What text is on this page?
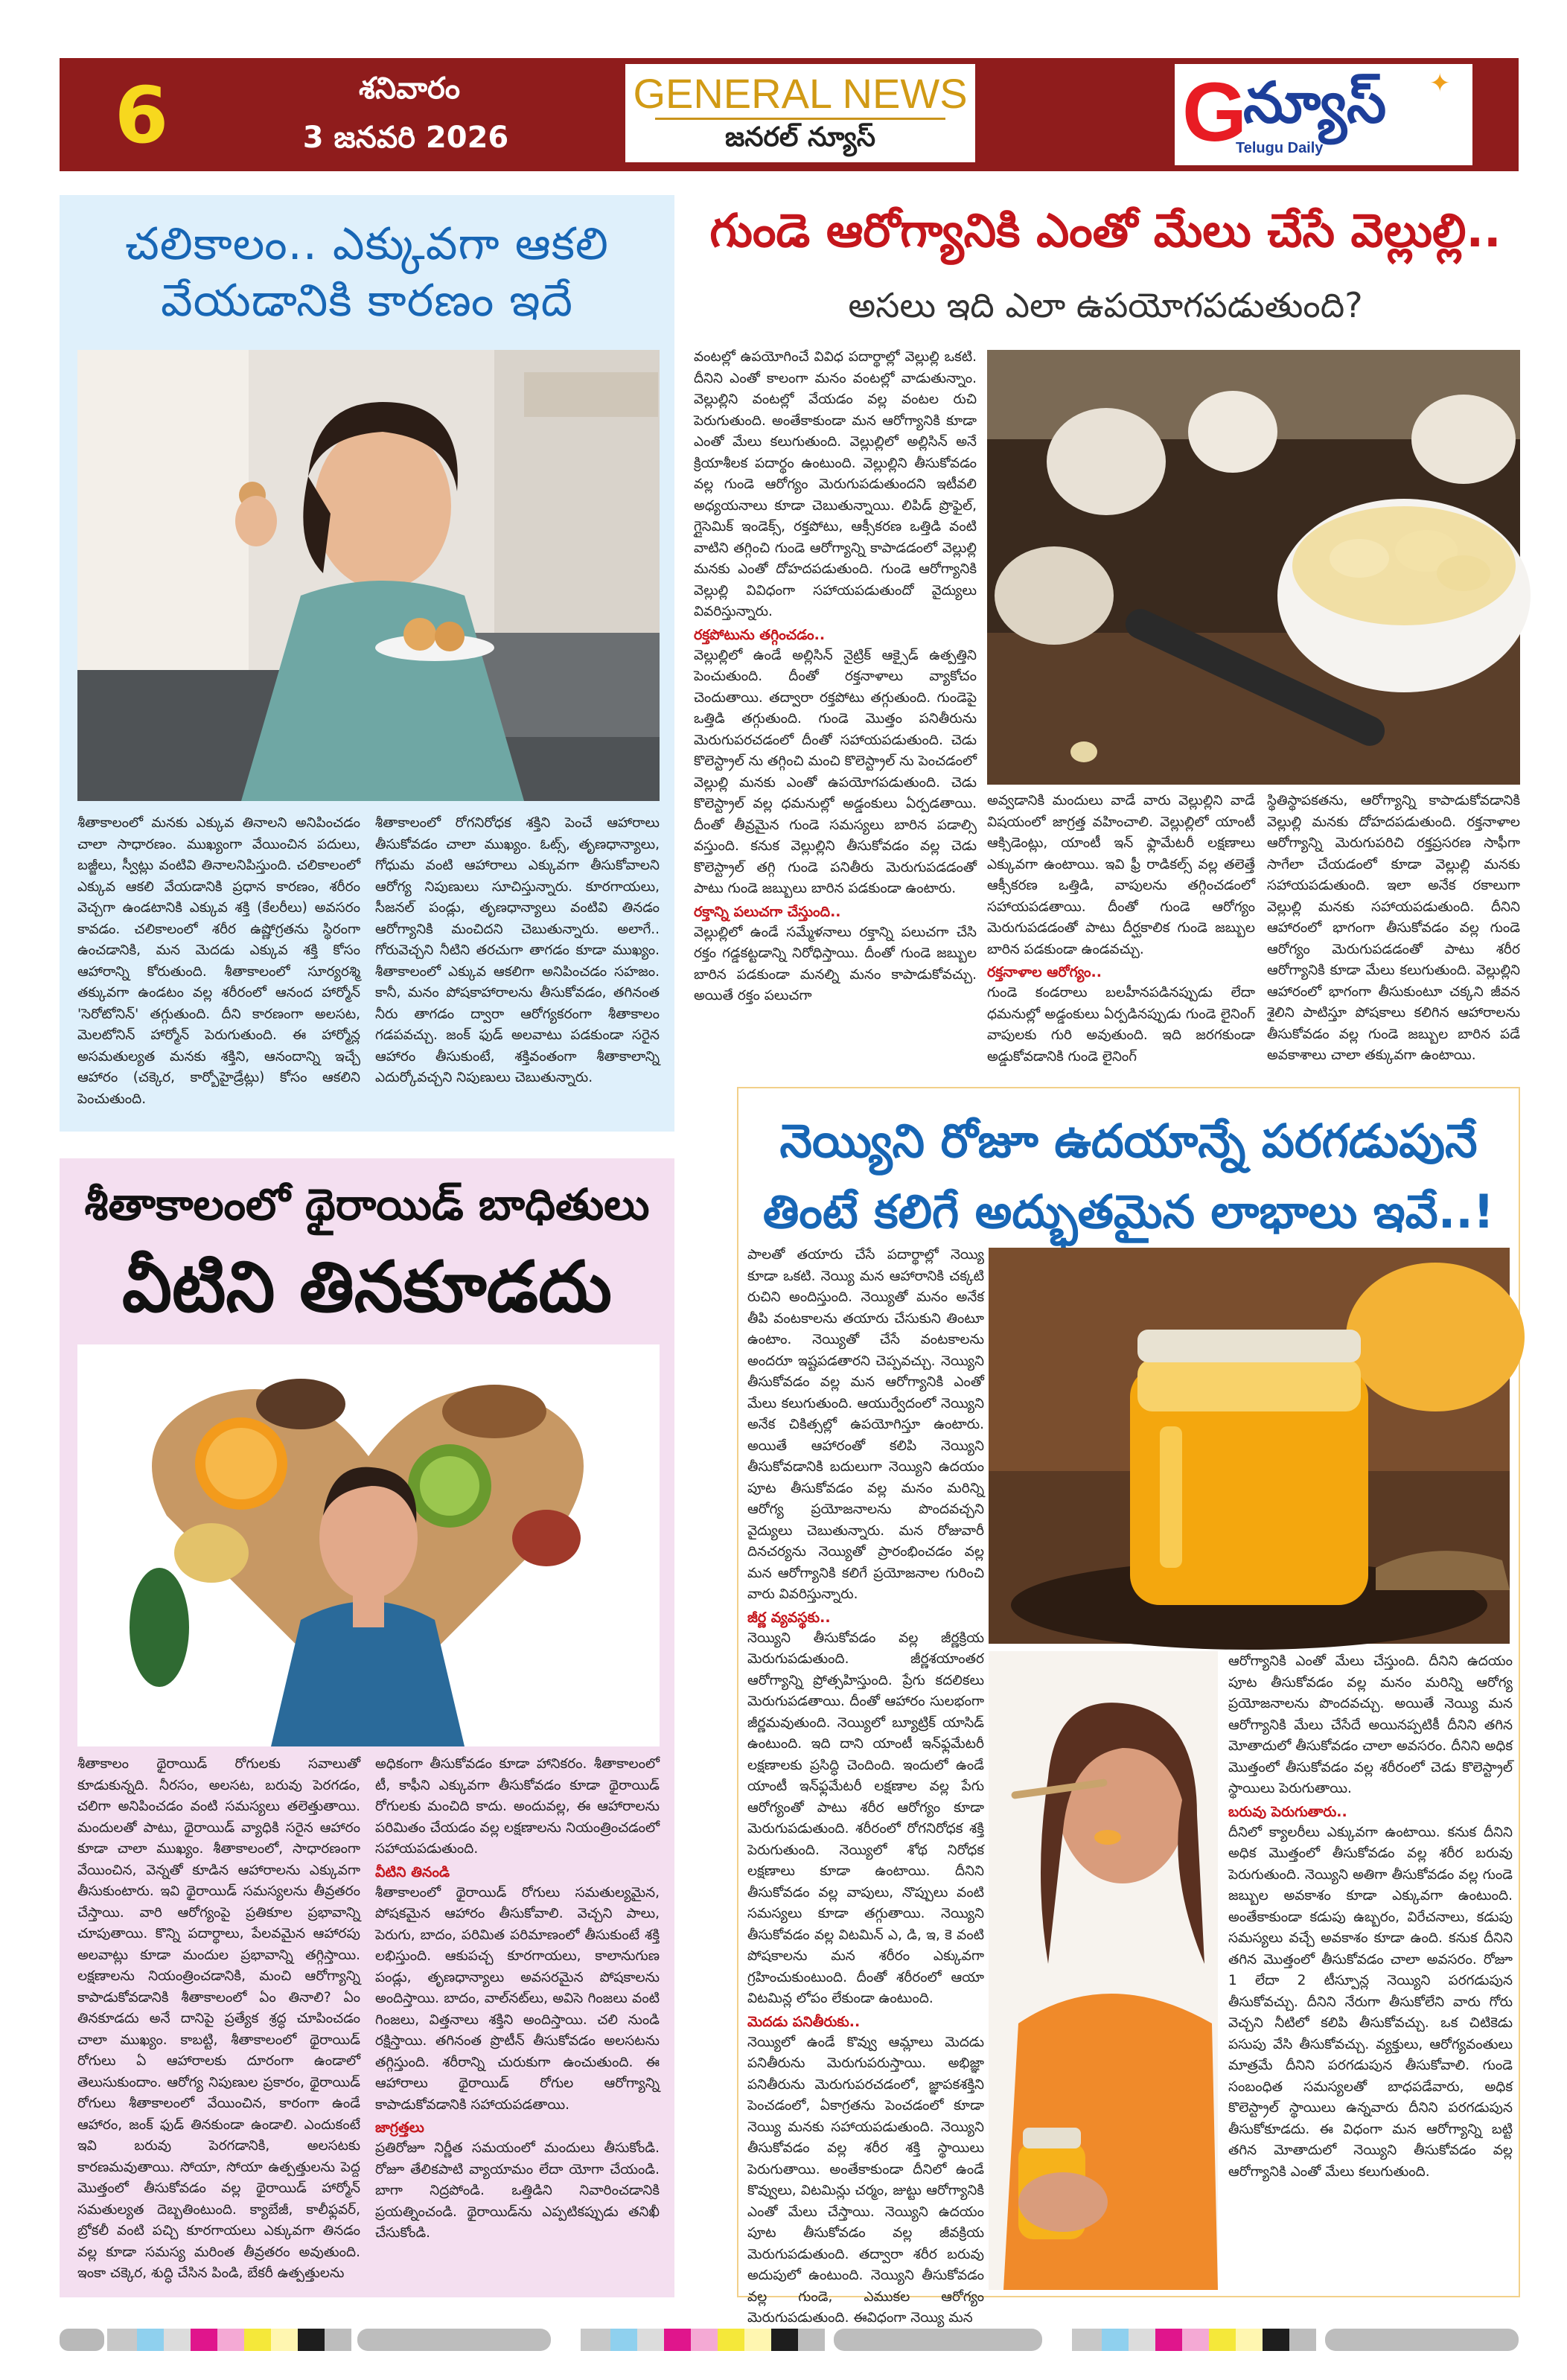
6	శనివారం
3 జనవరి 2026
GENERAL NEWS
జనరల్ న్యూస్	G
న్యూస్
Telugu Daily
✦
చలికాలం.. ఎక్కువగా ఆకలి వేయడానికి కారణం ఇదే

శీతాకాలంలో మనకు ఎక్కువ తినాలని అనిపించడం చాలా సాధారణం. ముఖ్యంగా వేయించిన పదులు, బజ్జీలు, స్వీట్లు వంటివి తినాలనిపిస్తుంది. చలికాలంలో ఎక్కువ ఆకలి వేయడానికి ప్రధాన కారణం, శరీరం వెచ్చగా ఉండటానికి ఎక్కువ శక్తి (కేలరీలు) అవసరం కావడం. చలికాలంలో శరీర ఉష్ణోగ్రతను స్థిరంగా ఉంచడానికి, మన మెదడు ఎక్కువ శక్తి కోసం ఆహారాన్ని కోరుతుంది. శీతాకాలంలో సూర్యరశ్మి తక్కువగా ఉండటం వల్ల శరీరంలో ఆనంద హార్మోన్ 'సెరోటోనిన్' తగ్గుతుంది. దీని కారణంగా అలసట, మెలటోనిన్ హార్మోన్ పెరుగుతుంది. ఈ హార్మోన్ల అసమతుల్యత మనకు శక్తిని, ఆనందాన్ని ఇచ్చే ఆహారం (చక్కెర, కార్బోహైడ్రేట్లు) కోసం ఆకలిని పెంచుతుంది.

శీతాకాలంలో రోగనిరోధక శక్తిని పెంచే ఆహారాలు తీసుకోవడం చాలా ముఖ్యం. ఓట్స్, తృణధాన్యాలు, గోధుమ వంటి ఆహారాలు ఎక్కువగా తీసుకోవాలని ఆరోగ్య నిపుణులు సూచిస్తున్నారు. కూరగాయలు, సీజనల్ పండ్లు, తృణధాన్యాలు వంటివి తినడం ఆరోగ్యానికి మంచిదని చెబుతున్నారు. అలాగే.. గోరువెచ్చని నీటిని తరచుగా తాగడం కూడా ముఖ్యం. శీతాకాలంలో ఎక్కువ ఆకలిగా అనిపించడం సహజం. కానీ, మనం పోషకాహారాలను తీసుకోవడం, తగినంత నీరు తాగడం ద్వారా ఆరోగ్యకరంగా శీతాకాలం గడపవచ్చు. జంక్ ఫుడ్ అలవాటు పడకుండా సరైన ఆహారం తీసుకుంటే, శక్తివంతంగా శీతాకాలాన్ని ఎదుర్కోవచ్చని నిపుణులు చెబుతున్నారు.

గుండె ఆరోగ్యానికి ఎంతో మేలు చేసే వెల్లుల్లి..
అసలు ఇది ఎలా ఉపయోగపడుతుంది?

వంటల్లో ఉపయోగించే వివిధ పదార్థాల్లో వెల్లుల్లి ఒకటి. దీనిని ఎంతో కాలంగా మనం వంటల్లో వాడుతున్నాం. వెల్లుల్లిని వంటల్లో వేయడం వల్ల వంటల రుచి పెరుగుతుంది. అంతేకాకుండా మన ఆరోగ్యానికి కూడా ఎంతో మేలు కలుగుతుంది. వెల్లుల్లిలో అల్లిసిన్ అనే క్రియాశీలక పదార్థం ఉంటుంది. వెల్లుల్లిని తీసుకోవడం వల్ల గుండె ఆరోగ్యం మెరుగుపడుతుందని ఇటీవలి అధ్యయనాలు కూడా చెబుతున్నాయి. లిపిడ్ ప్రొఫైల్, గ్లైసెమిక్ ఇండెక్స్, రక్తపోటు, ఆక్సీకరణ ఒత్తిడి వంటి వాటిని తగ్గించి గుండె ఆరోగ్యాన్ని కాపాడడంలో వెల్లుల్లి మనకు ఎంతో దోహదపడుతుంది. గుండె ఆరోగ్యానికి వెల్లుల్లి వివిధంగా సహాయపడుతుందో వైద్యులు వివరిస్తున్నారు.

రక్తపోటును తగ్గించడం..

వెల్లుల్లిలో ఉండే అల్లిసిన్ నైట్రిక్ ఆక్సైడ్ ఉత్పత్తిని పెంచుతుంది. దీంతో రక్తనాళాలు వ్యాకోచం చెందుతాయి. తద్వారా రక్తపోటు తగ్గుతుంది. గుండెపై ఒత్తిడి తగ్గుతుంది. గుండె మొత్తం పనితీరును మెరుగుపరచడంలో దీంతో సహాయపడుతుంది. చెడు కొలెస్ట్రాల్ ను తగ్గించి మంచి కొలెస్ట్రాల్ ను పెంచడంలో వెల్లుల్లి మనకు ఎంతో ఉపయోగపడుతుంది. చెడు కొలెస్ట్రాల్ వల్ల ధమనుల్లో అడ్డంకులు ఏర్పడతాయి. దీంతో తీవ్రమైన గుండె సమస్యలు బారిన పడాల్సి వస్తుంది. కనుక వెల్లుల్లిని తీసుకోవడం వల్ల చెడు కొలెస్ట్రాల్ తగ్గి గుండె పనితీరు మెరుగుపడడంతో పాటు గుండె జబ్బులు బారిన పడకుండా ఉంటారు.

రక్తాన్ని పలుచగా చేస్తుంది..

వెల్లుల్లిలో ఉండే సమ్మేళనాలు రక్తాన్ని పలుచగా చేసి రక్తం గడ్డకట్టడాన్ని నిరోధిస్తాయి. దీంతో గుండె జబ్బుల బారిన పడకుండా మనల్ని మనం కాపాడుకోవచ్చు. అయితే రక్తం పలుచగా

అవ్వడానికి మందులు వాడే వారు వెల్లుల్లిని వాడే విషయంలో జాగ్రత్త వహించాలి. వెల్లుల్లిలో యాంటీ ఆక్సిడెంట్లు, యాంటీ ఇన్ ఫ్లామేటరీ లక్షణాలు ఎక్కువగా ఉంటాయి. ఇవి ఫ్రీ రాడికల్స్ వల్ల తలెత్తే ఆక్సీకరణ ఒత్తిడి, వాపులను తగ్గించడంలో సహాయపడతాయి. దీంతో గుండె ఆరోగ్యం మెరుగుపడడంతో పాటు దీర్ఘకాలిక గుండె జబ్బుల బారిన పడకుండా ఉండవచ్చు.

రక్తనాళాల ఆరోగ్యం..

గుండె కండరాలు బలహీనపడినప్పుడు లేదా ధమనుల్లో అడ్డంకులు ఏర్పడినప్పుడు గుండె లైనింగ్ వాపులకు గురి అవుతుంది. ఇది జరగకుండా అడ్డుకోవడానికి గుండె లైనింగ్

స్థితిస్థాపకతను, ఆరోగ్యాన్ని కాపాడుకోవడానికి వెల్లుల్లి మనకు దోహదపడుతుంది. రక్తనాళాల ఆరోగ్యాన్ని మెరుగుపరిచి రక్తప్రసరణ సాఫీగా సాగేలా చేయడంలో కూడా వెల్లుల్లి మనకు సహాయపడుతుంది. ఇలా అనేక రకాలుగా వెల్లుల్లి మనకు సహాయపడుతుంది. దీనిని ఆహారంలో భాగంగా తీసుకోవడం వల్ల గుండె ఆరోగ్యం మెరుగుపడడంతో పాటు శరీర ఆరోగ్యానికి కూడా మేలు కలుగుతుంది. వెల్లుల్లిని ఆహారంలో భాగంగా తీసుకుంటూ చక్కని జీవన శైలిని పాటిస్తూ పోషకాలు కలిగిన ఆహారాలను తీసుకోవడం వల్ల గుండె జబ్బుల బారిన పడే అవకాశాలు చాలా తక్కువగా ఉంటాయి.

శీతాకాలంలో థైరాయిడ్ బాధితులు
వీటిని తినకూడదు

శీతాకాలం థైరాయిడ్ రోగులకు సవాలుతో కూడుకున్నది. నీరసం, అలసట, బరువు పెరగడం, చలిగా అనిపించడం వంటి సమస్యలు తలెత్తుతాయి. మందులతో పాటు, థైరాయిడ్ వ్యాధికి సరైన ఆహారం కూడా చాలా ముఖ్యం. శీతాకాలంలో, సాధారణంగా వేయించిన, వెన్నతో కూడిన ఆహారాలను ఎక్కువగా తీసుకుంటారు. ఇవి థైరాయిడ్ సమస్యలను తీవ్రతరం చేస్తాయి. వారి ఆరోగ్యంపై ప్రతికూల ప్రభావాన్ని చూపుతాయి. కొన్ని పదార్థాలు, పేలవమైన ఆహారపు అలవాట్లు కూడా మందుల ప్రభావాన్ని తగ్గిస్తాయి. లక్షణాలను నియంత్రించడానికి, మంచి ఆరోగ్యాన్ని కాపాడుకోవడానికి శీతాకాలంలో ఏం తినాలి? ఏం తినకూడదు అనే దానిపై ప్రత్యేక శ్రద్ధ చూపించడం చాలా ముఖ్యం. కాబట్టి, శీతాకాలంలో థైరాయిడ్ రోగులు ఏ ఆహారాలకు దూరంగా ఉండాలో తెలుసుకుందాం. ఆరోగ్య నిపుణుల ప్రకారం, థైరాయిడ్ రోగులు శీతాకాలంలో వేయించిన, కారంగా ఉండే ఆహారం, జంక్ ఫుడ్ తినకుండా ఉండాలి. ఎందుకంటే ఇవి బరువు పెరగడానికి, అలసటకు కారణమవుతాయి. సోయా, సోయా ఉత్పత్తులను పెద్ద మొత్తంలో తీసుకోవడం వల్ల థైరాయిడ్ హార్మోన్ సమతుల్యత దెబ్బతింటుంది. క్యాబేజీ, కాలీఫ్లవర్, బ్రోకలీ వంటి పచ్చి కూరగాయలు ఎక్కువగా తినడం వల్ల కూడా సమస్య మరింత తీవ్రతరం అవుతుంది. ఇంకా చక్కెర, శుద్ధి చేసిన పిండి, బేకరీ ఉత్పత్తులను

అధికంగా తీసుకోవడం కూడా హానికరం. శీతాకాలంలో టీ, కాఫీని ఎక్కువగా తీసుకోవడం కూడా థైరాయిడ్ రోగులకు మంచిది కాదు. అందువల్ల, ఈ ఆహారాలను పరిమితం చేయడం వల్ల లక్షణాలను నియంత్రించడంలో సహాయపడుతుంది.

వీటిని తినండి

శీతాకాలంలో థైరాయిడ్ రోగులు సమతుల్యమైన, పోషకమైన ఆహారం తీసుకోవాలి. వెచ్చని పాలు, పెరుగు, బాదం, పరిమిత పరిమాణంలో తీసుకుంటే శక్తి లభిస్తుంది. ఆకుపచ్చ కూరగాయలు, కాలానుగుణ పండ్లు, తృణధాన్యాలు అవసరమైన పోషకాలను అందిస్తాయి. బాదం, వాల్‌నట్‌లు, అవిసె గింజలు వంటి గింజలు, విత్తనాలు శక్తిని అందిస్తాయి. చలి నుండి రక్షిస్తాయి. తగినంత ప్రొటీన్ తీసుకోవడం అలసటను తగ్గిస్తుంది. శరీరాన్ని చురుకుగా ఉంచుతుంది. ఈ ఆహారాలు థైరాయిడ్ రోగుల ఆరోగ్యాన్ని కాపాడుకోవడానికి సహాయపడతాయి.

జాగ్రత్తలు

ప్రతిరోజూ నిర్ణీత సమయంలో మందులు తీసుకోండి. రోజూ తేలికపాటి వ్యాయామం లేదా యోగా చేయండి. బాగా నిద్రపోండి. ఒత్తిడిని నివారించడానికి ప్రయత్నించండి. థైరాయిడ్‌ను ఎప్పటికప్పుడు తనిఖీ చేసుకోండి.

నెయ్యిని రోజూ ఉదయాన్నే పరగడుపునే
తింటే కలిగే అద్భుతమైన లాభాలు ఇవే..!

పాలతో తయారు చేసే పదార్థాల్లో నెయ్యి కూడా ఒకటి. నెయ్యి మన ఆహారానికి చక్కటి రుచిని అందిస్తుంది. నెయ్యితో మనం అనేక తీపి వంటకాలను తయారు చేసుకుని తింటూ ఉంటాం. నెయ్యితో చేసే వంటకాలను అందరూ ఇష్టపడతారని చెప్పవచ్చు. నెయ్యిని తీసుకోవడం వల్ల మన ఆరోగ్యానికి ఎంతో మేలు కలుగుతుంది. ఆయుర్వేదంలో నెయ్యిని అనేక చికిత్సల్లో ఉపయోగిస్తూ ఉంటారు. అయితే ఆహారంతో కలిపి నెయ్యిని తీసుకోవడానికి బదులుగా నెయ్యిని ఉదయం పూట తీసుకోవడం వల్ల మనం మరిన్ని ఆరోగ్య ప్రయోజనాలను పొందవచ్చని వైద్యులు చెబుతున్నారు. మన రోజువారీ దినచర్యను నెయ్యితో ప్రారంభించడం వల్ల మన ఆరోగ్యానికి కలిగే ప్రయోజనాల గురించి వారు వివరిస్తున్నారు.

జీర్ణ వ్యవస్థకు..

నెయ్యిని తీసుకోవడం వల్ల జీర్ణక్రియ మెరుగుపడుతుంది. జీర్ణశయాంతర ఆరోగ్యాన్ని ప్రోత్సహిస్తుంది. ప్రేగు కదలికలు మెరుగుపడతాయి. దీంతో ఆహారం సులభంగా జీర్ణమవుతుంది. నెయ్యిలో బ్యూట్రిక్ యాసిడ్ ఉంటుంది. ఇది దాని యాంటీ ఇన్‌ఫ్లమేటరీ లక్షణాలకు ప్రసిద్ధి చెందింది. ఇందులో ఉండే యాంటీ ఇన్‌ఫ్లమేటరీ లక్షణాల వల్ల పేగు ఆరోగ్యంతో పాటు శరీర ఆరోగ్యం కూడా మెరుగుపడుతుంది. శరీరంలో రోగనిరోధక శక్తి పెరుగుతుంది. నెయ్యిలో శోథ నిరోధక లక్షణాలు కూడా ఉంటాయి. దీనిని తీసుకోవడం వల్ల వాపులు, నొప్పులు వంటి సమస్యలు కూడా తగ్గుతాయి. నెయ్యిని తీసుకోవడం వల్ల విటమిన్ ఎ, డి, ఇ, కె వంటి పోషకాలను మన శరీరం ఎక్కువగా గ్రహించుకుంటుంది. దీంతో శరీరంలో ఆయా విటమిన్ల లోపం లేకుండా ఉంటుంది.

మెదడు పనితీరుకు..

నెయ్యిలో ఉండే కొవ్వు ఆమ్లాలు మెదడు పనితీరును మెరుగుపరుస్తాయి. అభిజ్ఞా పనితీరును మెరుగుపరచడంలో, జ్ఞాపకశక్తిని పెంచడంలో, ఏకాగ్రతను పెంచడంలో కూడా నెయ్యి మనకు సహాయపడుతుంది. నెయ్యిని తీసుకోవడం వల్ల శరీర శక్తి స్థాయిలు పెరుగుతాయి. అంతేకాకుండా దీనిలో ఉండే కొవ్వులు, విటమిన్లు చర్మం, జుట్టు ఆరోగ్యానికి ఎంతో మేలు చేస్తాయి. నెయ్యిని ఉదయం పూట తీసుకోవడం వల్ల జీవక్రియ మెరుగుపడుతుంది. తద్వారా శరీర బరువు అదుపులో ఉంటుంది. నెయ్యిని తీసుకోవడం వల్ల గుండె, ఎముకల ఆరోగ్యం మెరుగుపడుతుంది. ఈవిధంగా నెయ్యి మన

ఆరోగ్యానికి ఎంతో మేలు చేస్తుంది. దీనిని ఉదయం పూట తీసుకోవడం వల్ల మనం మరిన్ని ఆరోగ్య ప్రయోజనాలను పొందవచ్చు. అయితే నెయ్యి మన ఆరోగ్యానికి మేలు చేసేదే అయినప్పటికీ దీనిని తగిన మోతాదులో తీసుకోవడం చాలా అవసరం. దీనిని అధిక మొత్తంలో తీసుకోవడం వల్ల శరీరంలో చెడు కొలెస్ట్రాల్ స్థాయిలు పెరుగుతాయి.

బరువు పెరుగుతారు..

దీనిలో క్యాలరీలు ఎక్కువగా ఉంటాయి. కనుక దీనిని అధిక మొత్తంలో తీసుకోవడం వల్ల శరీర బరువు పెరుగుతుంది. నెయ్యిని అతిగా తీసుకోవడం వల్ల గుండె జబ్బుల అవకాశం కూడా ఎక్కువగా ఉంటుంది. అంతేకాకుండా కడుపు ఉబ్బరం, విరేచనాలు, కడుపు సమస్యలు వచ్చే అవకాశం కూడా ఉంది. కనుక దీనిని తగిన మొత్తంలో తీసుకోవడం చాలా అవసరం. రోజూ 1 లేదా 2 టీస్పూన్ల నెయ్యిని పరగడుపున తీసుకోవచ్చు. దీనిని నేరుగా తీసుకోలేని వారు గోరు వెచ్చని నీటిలో కలిపి తీసుకోవచ్చు. ఒక చిటికెడు పసుపు వేసి తీసుకోవచ్చు. వ్యక్తులు, ఆరోగ్యవంతులు మాత్రమే దీనిని పరగడుపున తీసుకోవాలి. గుండె సంబంధిత సమస్యలతో బాధపడేవారు, అధిక కొలెస్ట్రాల్ స్థాయిలు ఉన్నవారు దీనిని పరగడుపున తీసుకోకూడదు. ఈ విధంగా మన ఆరోగ్యాన్ని బట్టి తగిన మోతాదులో నెయ్యిని తీసుకోవడం వల్ల ఆరోగ్యానికి ఎంతో మేలు కలుగుతుంది.
